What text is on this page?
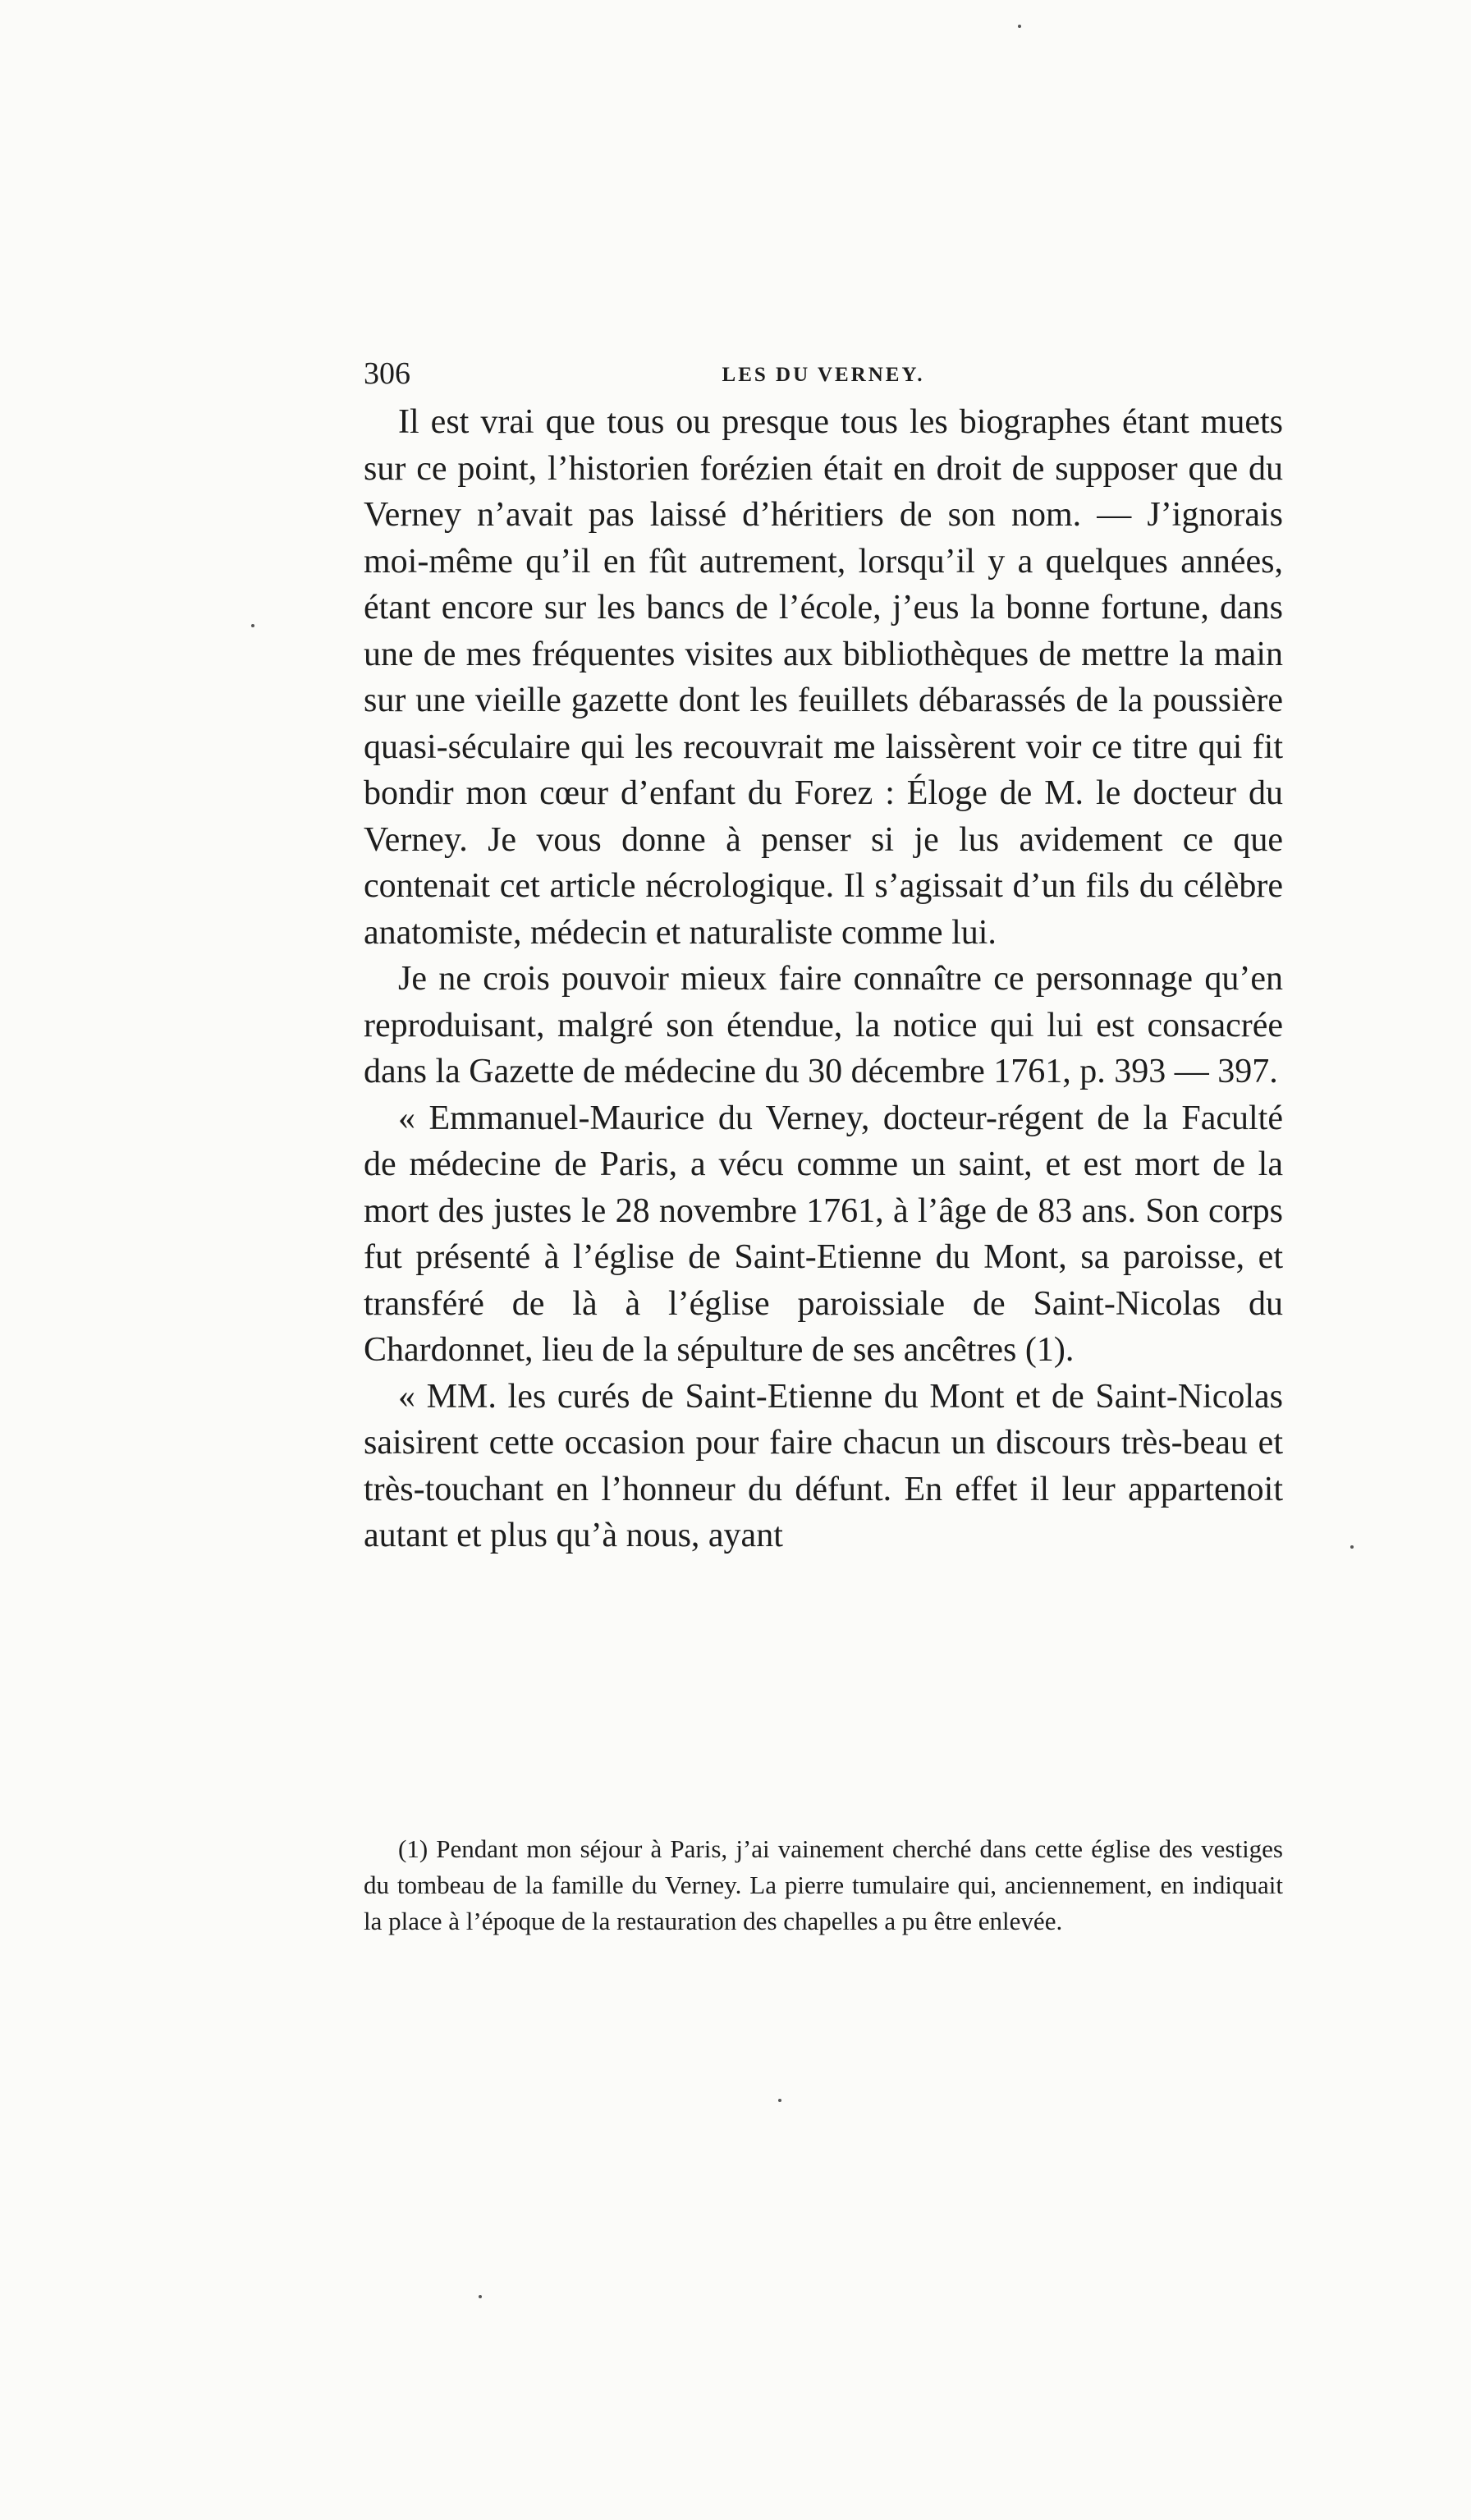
306	LES DU VERNEY.

Il est vrai que tous ou presque tous les biographes étant muets sur ce point, l’historien forézien était en droit de supposer que du Verney n’avait pas laissé d’héritiers de son nom. — J’ignorais moi-même qu’il en fût autrement, lorsqu’il y a quelques années, étant encore sur les bancs de l’école, j’eus la bonne fortune, dans une de mes fréquentes visites aux bibliothèques de mettre la main sur une vieille gazette dont les feuillets débarassés de la poussière quasi-séculaire qui les recouvrait me laissèrent voir ce titre qui fit bondir mon cœur d’enfant du Forez : Éloge de M. le docteur du Verney. Je vous donne à penser si je lus avidement ce que contenait cet article nécrologique. Il s’agissait d’un fils du célèbre anatomiste, médecin et naturaliste comme lui.

Je ne crois pouvoir mieux faire connaître ce personnage qu’en reproduisant, malgré son étendue, la notice qui lui est consacrée dans la Gazette de médecine du 30 décembre 1761, p. 393 — 397.

« Emmanuel-Maurice du Verney, docteur-régent de la Faculté de médecine de Paris, a vécu comme un saint, et est mort de la mort des justes le 28 novembre 1761, à l’âge de 83 ans. Son corps fut présenté à l’église de Saint-Etienne du Mont, sa paroisse, et transféré de là à l’église paroissiale de Saint-Nicolas du Chardonnet, lieu de la sépulture de ses ancêtres (1).

« MM. les curés de Saint-Etienne du Mont et de Saint-Nicolas saisirent cette occasion pour faire chacun un discours très-beau et très-touchant en l’honneur du défunt. En effet il leur appartenoit autant et plus qu’à nous, ayant

(1) Pendant mon séjour à Paris, j’ai vainement cherché dans cette église des vestiges du tombeau de la famille du Verney. La pierre tumulaire qui, anciennement, en indiquait la place à l’époque de la restauration des chapelles a pu être enlevée.
